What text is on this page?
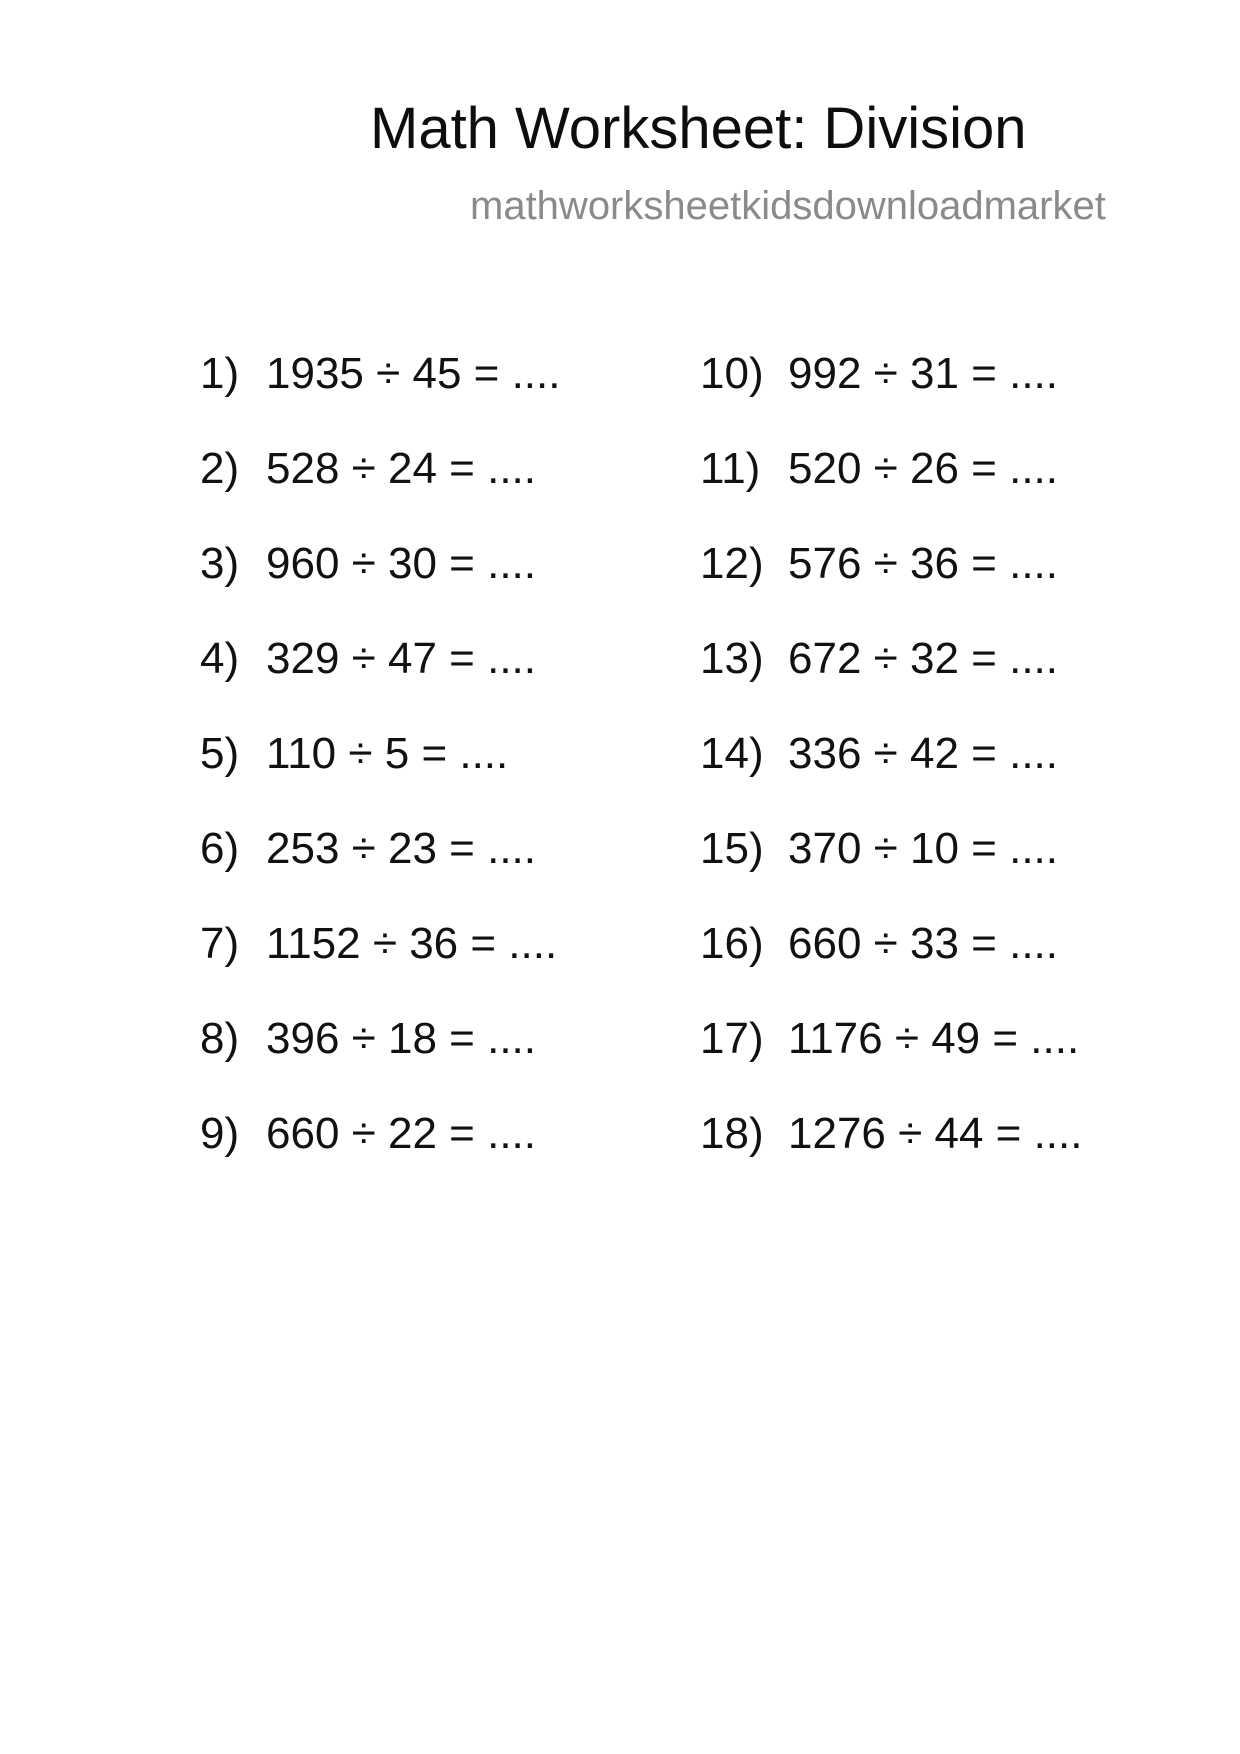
Math Worksheet: Division
mathworksheetkidsdownloadmarket
1) 1935 ÷ 45 = ....
2) 528 ÷ 24 = ....
3) 960 ÷ 30 = ....
4) 329 ÷ 47 = ....
5) 110 ÷ 5 = ....
6) 253 ÷ 23 = ....
7) 1152 ÷ 36 = ....
8) 396 ÷ 18 = ....
9) 660 ÷ 22 = ....
10) 992 ÷ 31 = ....
11) 520 ÷ 26 = ....
12) 576 ÷ 36 = ....
13) 672 ÷ 32 = ....
14) 336 ÷ 42 = ....
15) 370 ÷ 10 = ....
16) 660 ÷ 33 = ....
17) 1176 ÷ 49 = ....
18) 1276 ÷ 44 = ....
